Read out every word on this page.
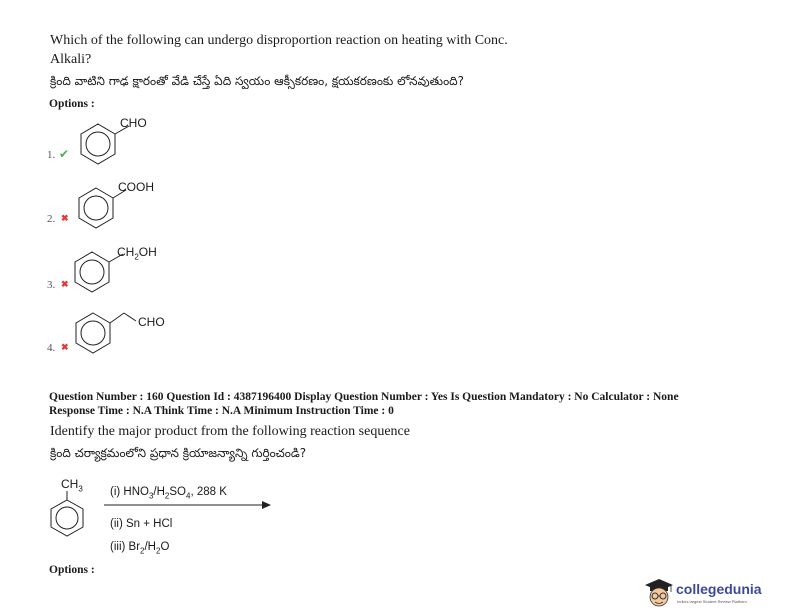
Which of the following can undergo disproportion reaction on heating with Conc.
Alkali?
క్రింది వాటిని గాఢ క్షారంతో వేడి చేస్తే ఏది స్వయం ఆక్సీకరణం, క్షయకరణంకు లోనవుతుంది?
Options :
CHO
1. ✔
COOH
2. ✖
$CH_2OH$
3. ✖
CHO
4. ✖
Question Number : 160 Question Id : 4387196400 Display Question Number : Yes Is Question Mandatory : No Calculator : None
Response Time : N.A Think Time : N.A Minimum Instruction Time : 0
Identify the major product from the following reaction sequence
క్రింది చర్యాక్రమంలోని ప్రధాన క్రియాజన్యాన్ని గుర్తించండి?
$CH_3$ (i) $HNO_3/H_2SO_4$, 288 K
(ii) Sn + HCl
(iii) $Br_2/H_2O$
Options :
collegedunia
India's largest Student Review Platform
